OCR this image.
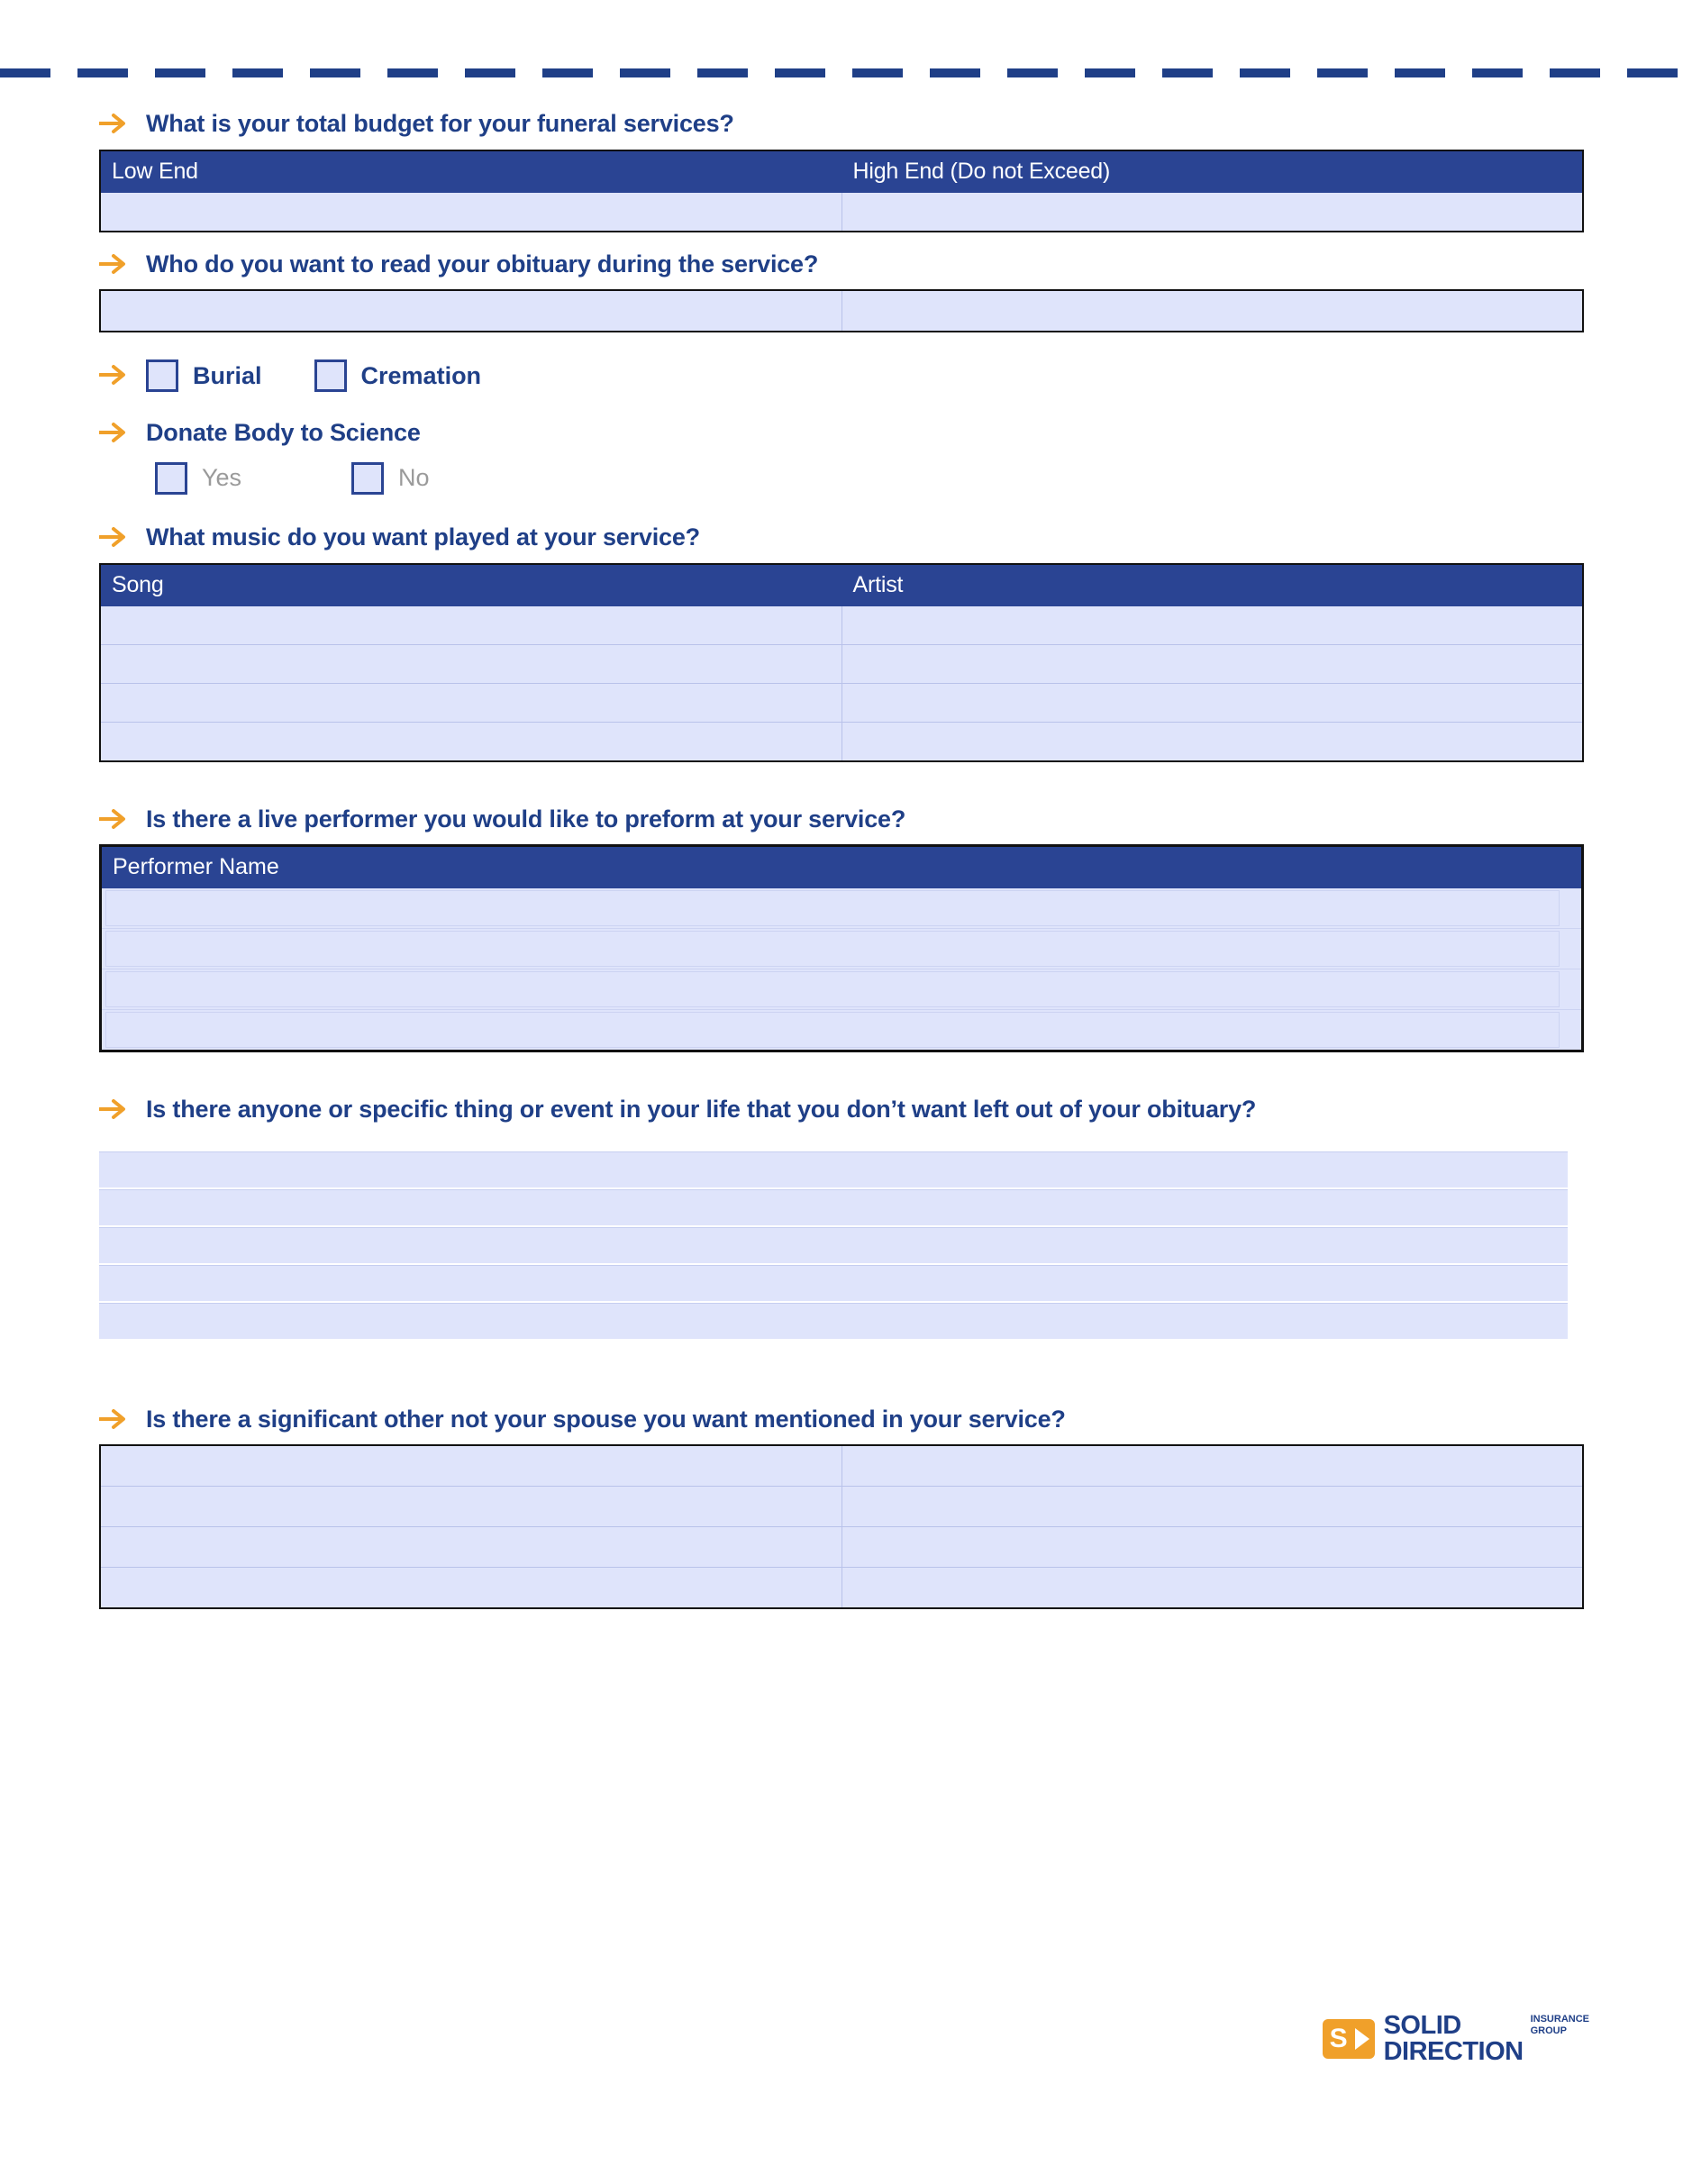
What is your total budget for your funeral services?
Low End	High End (Do not Exceed)

Who do you want to read your obituary during the service?

Burial	Cremation
Donate Body to Science
Yes	No
What music do you want played at your service?
Song	Artist

Is there a live performer you would like to preform at your service?
Performer Name

Is there anyone or specific thing or event in your life that you don’t want left out of your obituary?
Is there a significant other not your spouse you want mentioned in your service?

S SOLID
DIRECTION
INSURANCE
GROUP
